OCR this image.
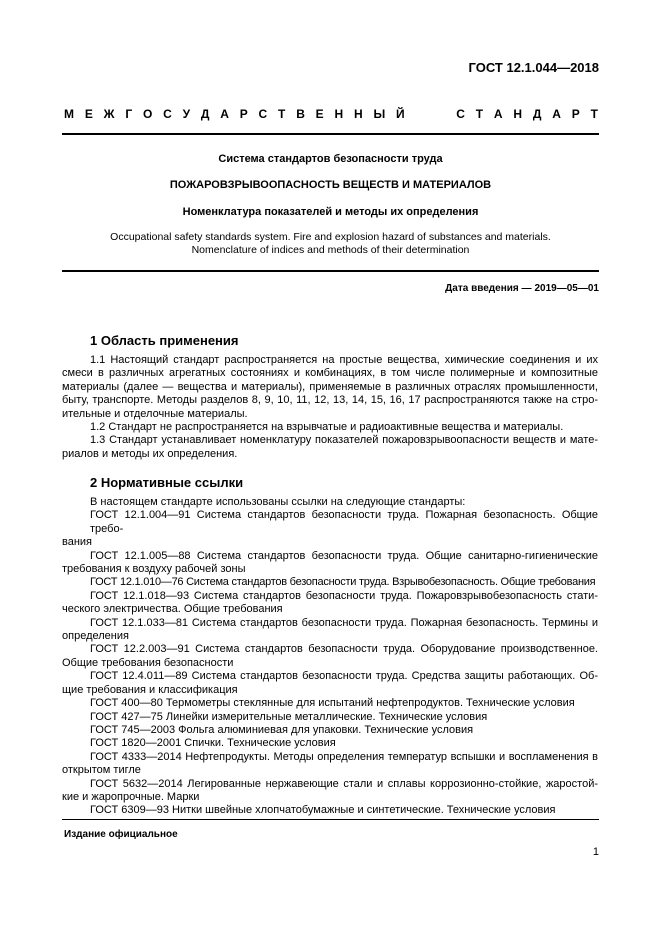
ГОСТ 12.1.044—2018
М Е Ж Г О С У Д А Р С Т В Е Н Н Ы Й	С Т А Н Д А Р Т
Система стандартов безопасности труда
ПОЖАРОВЗРЫВООПАСНОСТЬ ВЕЩЕСТВ И МАТЕРИАЛОВ
Номенклатура показателей и методы их определения
Occupational safety standards system. Fire and explosion hazard of substances and materials.
Nomenclature of indices and methods of their determination
Дата введения — 2019—05—01
1 Область применения
1.1 Настоящий стандарт распространяется на простые вещества, химические соединения и их
смеси в различных агрегатных состояниях и комбинациях, в том числе полимерные и композитные
материалы (далее — вещества и материалы), применяемые в различных отраслях промышленности,
быту, транспорте. Методы разделов 8, 9, 10, 11, 12, 13, 14, 15, 16, 17 распространяются также на стро-
ительные и отделочные материалы.
1.2 Стандарт не распространяется на взрывчатые и радиоактивные вещества и материалы.
1.3 Стандарт устанавливает номенклатуру показателей пожаровзрывоопасности веществ и мате-
риалов и методы их определения.
2 Нормативные ссылки
В настоящем стандарте использованы ссылки на следующие стандарты:
ГОСТ 12.1.004—91 Система стандартов безопасности труда. Пожарная безопасность. Общие требо-
вания
ГОСТ 12.1.005—88 Система стандартов безопасности труда. Общие санитарно-гигиенические
требования к воздуху рабочей зоны
ГОСТ 12.1.010—76 Система стандартов безопасности труда. Взрывобезопасность. Общие требования
ГОСТ 12.1.018—93 Система стандартов безопасности труда. Пожаровзрывобезопасность стати-
ческого электричества. Общие требования
ГОСТ 12.1.033—81 Система стандартов безопасности труда. Пожарная безопасность. Термины и
определения
ГОСТ 12.2.003—91 Система стандартов безопасности труда. Оборудование производственное.
Общие требования безопасности
ГОСТ 12.4.011—89 Система стандартов безопасности труда. Средства защиты работающих. Об-
щие требования и классификация
ГОСТ 400—80 Термометры стеклянные для испытаний нефтепродуктов. Технические условия
ГОСТ 427—75 Линейки измерительные металлические. Технические условия
ГОСТ 745—2003 Фольга алюминиевая для упаковки. Технические условия
ГОСТ 1820—2001 Спички. Технические условия
ГОСТ 4333—2014 Нефтепродукты. Методы определения температур вспышки и воспламенения в
открытом тигле
ГОСТ 5632—2014 Легированные нержавеющие стали и сплавы коррозионно-стойкие, жаростой-
кие и жаропрочные. Марки
ГОСТ 6309—93 Нитки швейные хлопчатобумажные и синтетические. Технические условия
Издание официальное
1
